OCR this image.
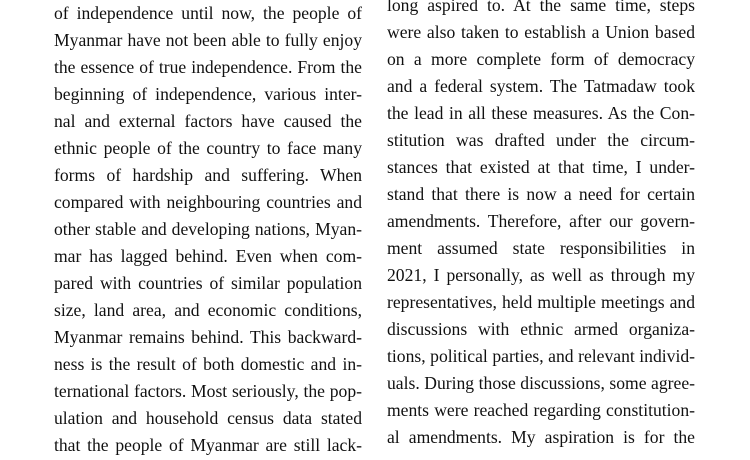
of independence until now, the people of
Myanmar have not been able to fully enjoy
the essence of true independence. From the
beginning of independence, various inter-
nal and external factors have caused the
ethnic people of the country to face many
forms of hardship and suffering. When
compared with neighbouring countries and
other stable and developing nations, Myan-
mar has lagged behind. Even when com-
pared with countries of similar population
size, land area, and economic conditions,
Myanmar remains behind. This backward-
ness is the result of both domestic and in-
ternational factors. Most seriously, the pop-
ulation and household census data stated
that the people of Myanmar are still lack-
long aspired to. At the same time, steps
were also taken to establish a Union based
on a more complete form of democracy
and a federal system. The Tatmadaw took
the lead in all these measures. As the Con-
stitution was drafted under the circum-
stances that existed at that time, I under-
stand that there is now a need for certain
amendments. Therefore, after our govern-
ment assumed state responsibilities in
2021, I personally, as well as through my
representatives, held multiple meetings and
discussions with ethnic armed organiza-
tions, political parties, and relevant individ-
uals. During those discussions, some agree-
ments were reached regarding constitution-
al amendments. My aspiration is for the
